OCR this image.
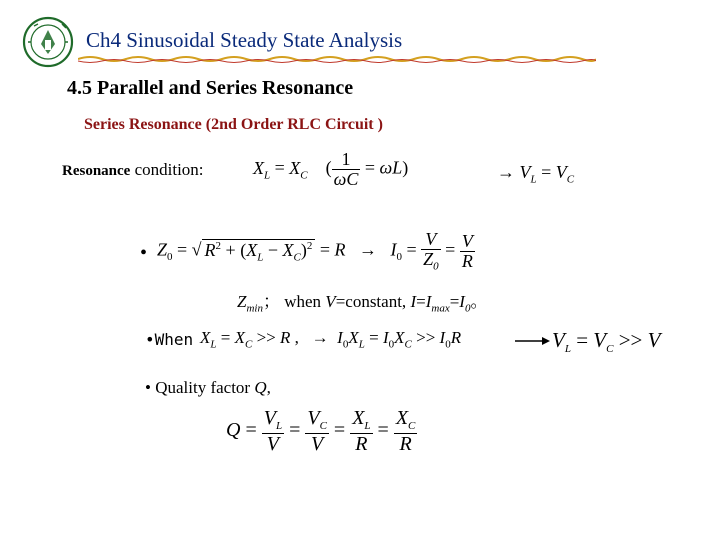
Ch4 Sinusoidal Steady State Analysis
4.5 Parallel and Series Resonance
Series Resonance (2nd Order RLC Circuit )
Resonance condition:	$X_L = X_C$    ( $\frac{1}{\omega C} = \omega L$)	→ $V_L = V_C$
• $Z_0$ = √ $R^2 + (X_L - X_C)^2 = R \to I_0 = \frac{V}{Z_0} = \frac{V}{R}$
$Z_{min}$； when V=constant, $I=I_{max}=I_0$。
•When $X_L = X_C >> R$ ,   →  $I_0X_L = I_0X_C >> I_0R$	$V_L = V_C >> V$
• Quality factor Q,
$Q = \frac{V_L}{V} = \frac{V_C}{V} = \frac{X_L}{R} = \frac{X_C}{R}$
